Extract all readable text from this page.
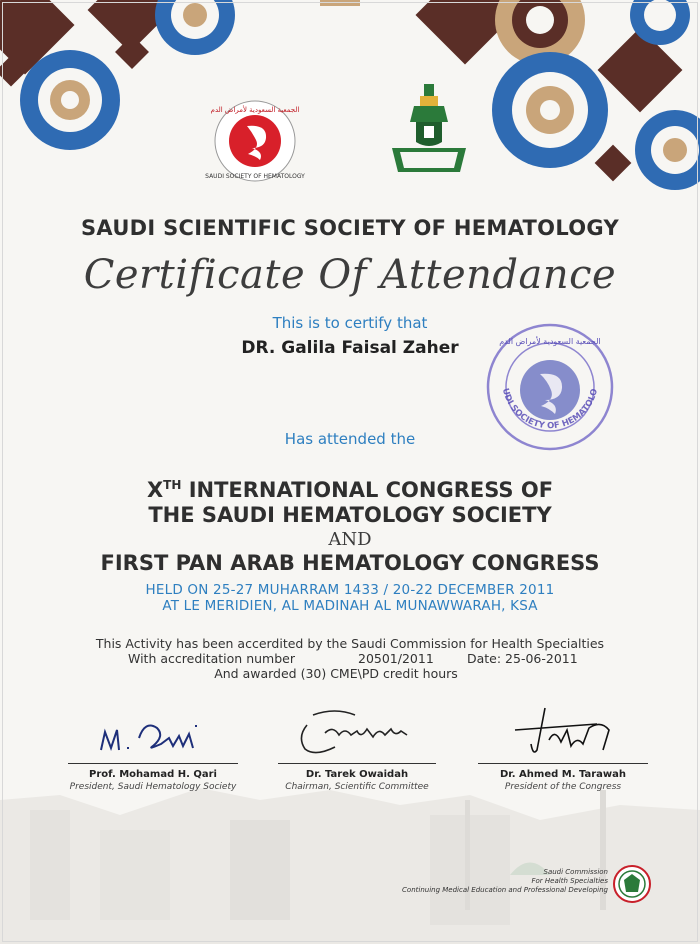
الجمعية السعودية لأمراض الدم
SAUDI SOCIETY OF HEMATOLOGY
SAUDI SCIENTIFIC SOCIETY OF HEMATOLOGY
Certificate Of Attendance
This is to certify that
DR. Galila Faisal Zaher
UDI SOCIETY OF HEMATOLO
الجمعية السعودية لأمراض الدم
Has attended the
XTH INTERNATIONAL CONGRESS OF
THE SAUDI HEMATOLOGY SOCIETY
AND
FIRST PAN ARAB HEMATOLOGY CONGRESS
HELD ON 25-27 MUHARRAM 1433 / 20-22 DECEMBER 2011
AT LE MERIDIEN, AL MADINAH AL MUNAWWARAH, KSA
This Activity has been accerdited by the Saudi Commission for Health Specialties
With accreditation number	20501/2011	Date: 25-06-2011
And awarded (30) CME\PD credit hours
Prof. Mohamad H. Qari
President, Saudi Hematology Society
Dr. Tarek Owaidah
Chairman, Scientific Committee
Dr. Ahmed M. Tarawah
President of the Congress
Saudi Commission
For Health Specialties
Continuing Medical Education and Professional Developing
